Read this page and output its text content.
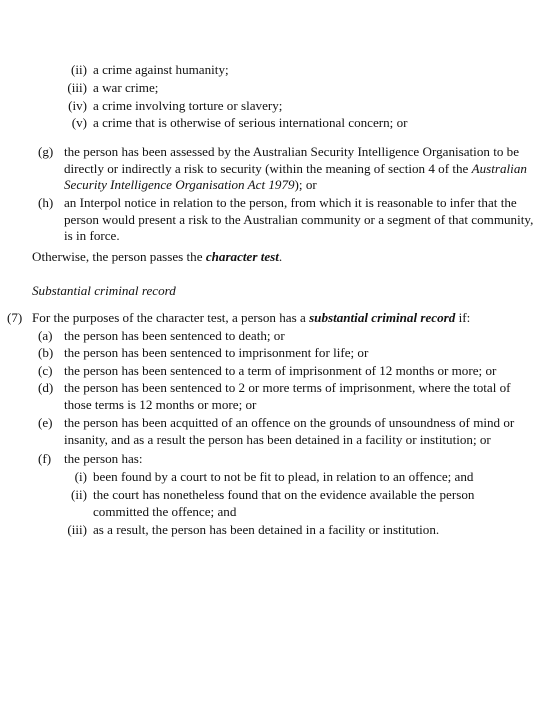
(ii) a crime against humanity;
(iii) a war crime;
(iv) a crime involving torture or slavery;
(v) a crime that is otherwise of serious international concern; or
(g) the person has been assessed by the Australian Security Intelligence Organisation to be directly or indirectly a risk to security (within the meaning of section 4 of the Australian Security Intelligence Organisation Act 1979); or
(h) an Interpol notice in relation to the person, from which it is reasonable to infer that the person would present a risk to the Australian community or a segment of that community, is in force.
Otherwise, the person passes the character test.
Substantial criminal record
(7) For the purposes of the character test, a person has a substantial criminal record if:
(a) the person has been sentenced to death; or
(b) the person has been sentenced to imprisonment for life; or
(c) the person has been sentenced to a term of imprisonment of 12 months or more; or
(d) the person has been sentenced to 2 or more terms of imprisonment, where the total of those terms is 12 months or more; or
(e) the person has been acquitted of an offence on the grounds of unsoundness of mind or insanity, and as a result the person has been detained in a facility or institution; or
(f) the person has:
(i) been found by a court to not be fit to plead, in relation to an offence; and
(ii) the court has nonetheless found that on the evidence available the person committed the offence; and
(iii) as a result, the person has been detained in a facility or institution.
